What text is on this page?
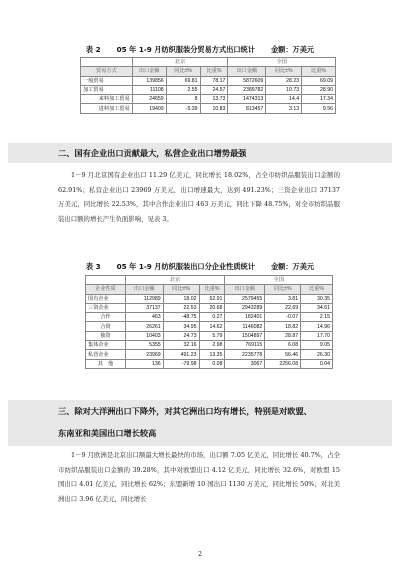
表 2 05 年 1-9 月纺织服装分贸易方式出口统计 金额：万美元
	北京			全国		
贸易方式	出口金额	同比±%	比重%	出口金额	同比±%	比重%
一般贸易	139856	69.81	78.17	5872609	28.23	69.09
加工贸易	11108	2.55	24.57	2389782	10.73	28.90
来料加工贸易	24659	8	13.73	1474313	14.4	17.34
进料加工贸易	19409	-5.39	10.83	813457	3.13	9.56
二、国有企业出口贡献最大，私营企业出口增势最强
1－9 月北京国有企业出口 11.29 亿美元，同比增长 18.02%，占全市纺织品服装出口金额的 62.91%；私营企业出口 23969 万美元，出口增速最大，达到 491.23%；三资企业出口 37137 万美元，同比增长 22.53%，其中合作企业出口 463 万美元，同比下降 48.75%，对全市纺织品服装出口额的增长产生负面影响，见表 3。
表 3 05 年 1-9 月纺织服装出口分企业性质统计 金额：万美元
	北京			全国		
企业性质	出口金额	同比±%	比重%	出口金额	同比±%	比重%
国有企业	112989	18.02	62.91	2579455	3.81	30.35
三资企业	37137	22.53	20.68	2943289	22.69	34.61
合作	463	-48.75	0.27	182401	-0.07	2.15
合资	26261	34.95	14.62	1146082	18.82	14.96
独资	10403	24.73	5.79	1504897	28.87	17.70
集体企业	5355	32.16	2.98	769115	6.08	9.05
私营企业	23969	491.23	13.35	2235778	56.46	26.30
其　他	136	-79.98	0.08	3067	2256.08	0.04
三、除对大洋洲出口下降外，对其它洲出口均有增长，特别是对欧盟、
东南亚和美国出口增长较高
1－9 月欧洲是北京出口额最大增长最快的市场，出口额 7.05 亿美元，同比增长 40.7%，占全市纺织品服装出口金额的 39.28%，其中对欧盟出口 4.12 亿美元，同比增长 32.6%，对欧盟 15 国出口 4.01 亿美元，同比增长 62%；东盟新增 10 国出口 1130 万美元，同比增长 50%；对北美洲出口 3.96 亿美元，同比增长
2
